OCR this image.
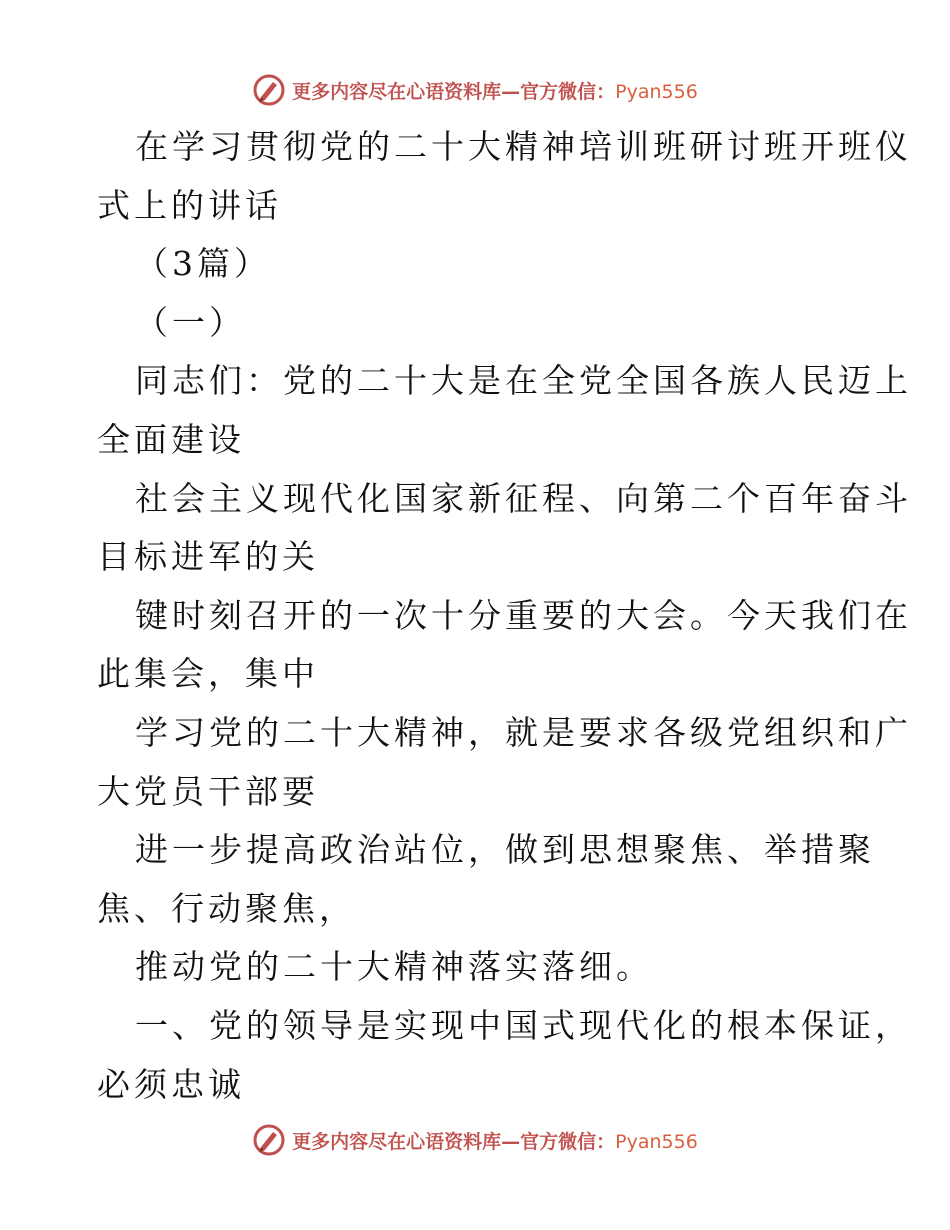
更多内容尽在心语资料库—官方微信：Pyan556
在学习贯彻党的二十大精神培训班研讨班开班仪
式上的讲话
（3篇）
（一）
同志们：党的二十大是在全党全国各族人民迈上
全面建设
社会主义现代化国家新征程、向第二个百年奋斗
目标进军的关
键时刻召开的一次十分重要的大会。今天我们在
此集会，集中
学习党的二十大精神，就是要求各级党组织和广
大党员干部要
进一步提高政治站位，做到思想聚焦、举措聚
焦、行动聚焦，
推动党的二十大精神落实落细。
一、党的领导是实现中国式现代化的根本保证，
必须忠诚
更多内容尽在心语资料库—官方微信：Pyan556
